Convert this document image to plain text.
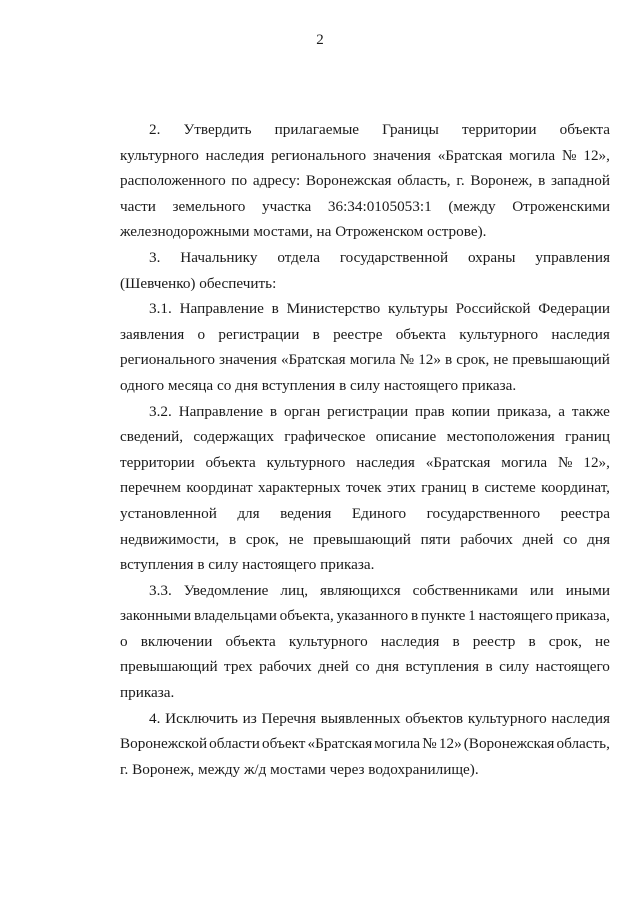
2
2. Утвердить прилагаемые Границы территории объекта
культурного наследия регионального значения «Братская могила № 12»,
расположенного по адресу: Воронежская область, г. Воронеж, в западной
части земельного участка 36:34:0105053:1 (между Отроженскими
железнодорожными мостами, на Отроженском острове).
3. Начальнику отдела государственной охраны управления
(Шевченко) обеспечить:
3.1. Направление в Министерство культуры Российской Федерации
заявления о регистрации в реестре объекта культурного наследия
регионального значения «Братская могила № 12» в срок, не превышающий
одного месяца со дня вступления в силу настоящего приказа.
3.2. Направление в орган регистрации прав копии приказа, а также
сведений, содержащих графическое описание местоположения границ
территории объекта культурного наследия «Братская могила № 12»,
перечнем координат характерных точек этих границ в системе координат,
установленной для ведения Единого государственного реестра
недвижимости, в срок, не превышающий пяти рабочих дней со дня
вступления в силу настоящего приказа.
3.3. Уведомление лиц, являющихся собственниками или иными
законными владельцами объекта, указанного в пункте 1 настоящего приказа,
о включении объекта культурного наследия в реестр в срок, не
превышающий трех рабочих дней со дня вступления в силу настоящего
приказа.
4. Исключить из Перечня выявленных объектов культурного наследия
Воронежской области объект «Братская могила № 12» (Воронежская область,
г. Воронеж, между ж/д мостами через водохранилище).
